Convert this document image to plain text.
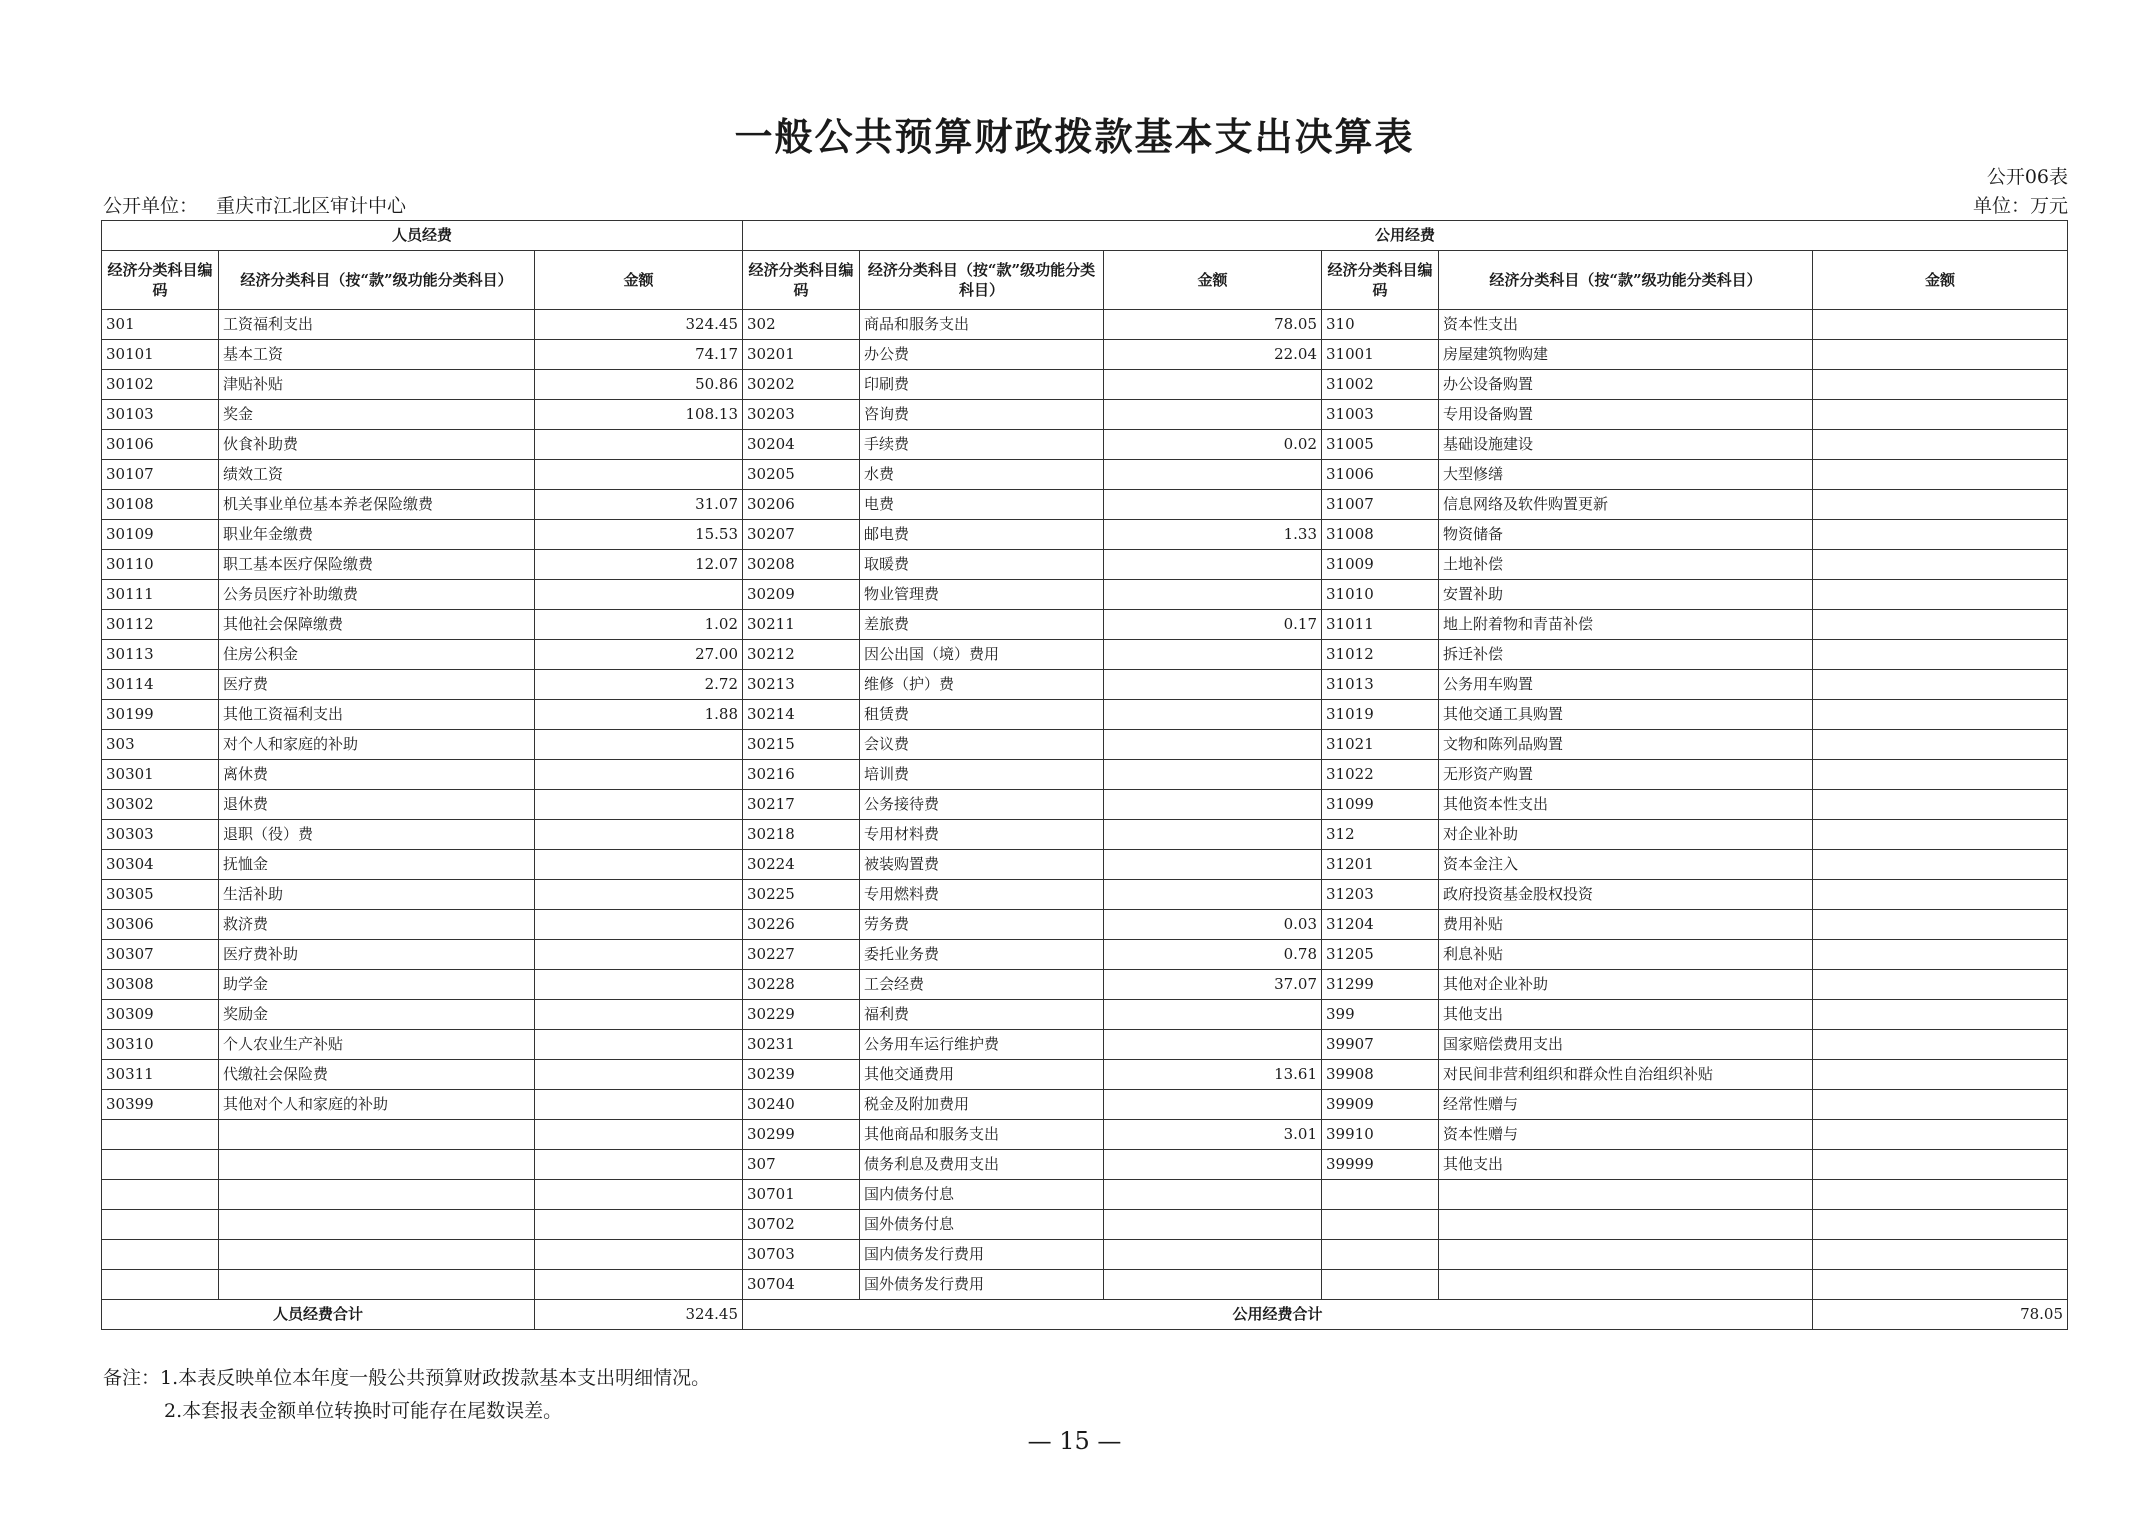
一般公共预算财政拨款基本支出决算表
公开06表
公开单位： 重庆市江北区审计中心	单位：万元
人员经费			公用经费					
经济分类科目编码	经济分类科目（按“款”级功能分类科目）	金额	经济分类科目编码	经济分类科目（按“款”级功能分类科目）	金额	经济分类科目编码	经济分类科目（按“款”级功能分类科目）	金额
301	工资福利支出	324.45	302	商品和服务支出	78.05	310	资本性支出	
30101	基本工资	74.17	30201	办公费	22.04	31001	房屋建筑物购建	
30102	津贴补贴	50.86	30202	印刷费		31002	办公设备购置	
30103	奖金	108.13	30203	咨询费		31003	专用设备购置	
30106	伙食补助费		30204	手续费	0.02	31005	基础设施建设	
30107	绩效工资		30205	水费		31006	大型修缮	
30108	机关事业单位基本养老保险缴费	31.07	30206	电费		31007	信息网络及软件购置更新	
30109	职业年金缴费	15.53	30207	邮电费	1.33	31008	物资储备	
30110	职工基本医疗保险缴费	12.07	30208	取暖费		31009	土地补偿	
30111	公务员医疗补助缴费		30209	物业管理费		31010	安置补助	
30112	其他社会保障缴费	1.02	30211	差旅费	0.17	31011	地上附着物和青苗补偿	
30113	住房公积金	27.00	30212	因公出国（境）费用		31012	拆迁补偿	
30114	医疗费	2.72	30213	维修（护）费		31013	公务用车购置	
30199	其他工资福利支出	1.88	30214	租赁费		31019	其他交通工具购置	
303	对个人和家庭的补助		30215	会议费		31021	文物和陈列品购置	
30301	离休费		30216	培训费		31022	无形资产购置	
30302	退休费		30217	公务接待费		31099	其他资本性支出	
30303	退职（役）费		30218	专用材料费		312	对企业补助	
30304	抚恤金		30224	被装购置费		31201	资本金注入	
30305	生活补助		30225	专用燃料费		31203	政府投资基金股权投资	
30306	救济费		30226	劳务费	0.03	31204	费用补贴	
30307	医疗费补助		30227	委托业务费	0.78	31205	利息补贴	
30308	助学金		30228	工会经费	37.07	31299	其他对企业补助	
30309	奖励金		30229	福利费		399	其他支出	
30310	个人农业生产补贴		30231	公务用车运行维护费		39907	国家赔偿费用支出	
30311	代缴社会保险费		30239	其他交通费用	13.61	39908	对民间非营利组织和群众性自治组织补贴	
30399	其他对个人和家庭的补助		30240	税金及附加费用		39909	经常性赠与	
			30299	其他商品和服务支出	3.01	39910	资本性赠与	
			307	债务利息及费用支出		39999	其他支出	
			30701	国内债务付息				
			30702	国外债务付息				
			30703	国内债务发行费用				
			30704	国外债务发行费用				
人员经费合计		324.45	公用经费合计					78.05
备注：1.本表反映单位本年度一般公共预算财政拨款基本支出明细情况。
2.本套报表金额单位转换时可能存在尾数误差。
— 15 —
